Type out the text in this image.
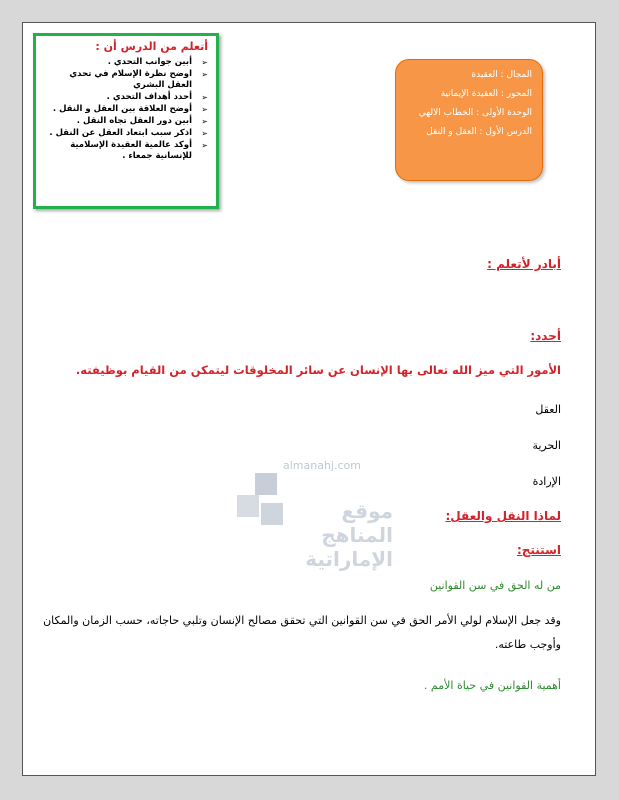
أتعلم من الدرس أن :

➢
أبين جوانب التحدي .
➢
اوضح نظرة الإسلام في تحدي العقل البشري
➢
أحدد أهداف التحدي .
➢
أوضح العلاقة بين العقل و النقل .
➢
أبين دور العقل تجاه النقل .
➢
اذكر سبب ابتعاد العقل عن النقل .
➢
أوكد عالمية العقيدة الإسلامية للإنسانية جمعاء .
المجال : العقيدة
المحور : العقيدة الإيمانية
الوحدة الأولى : الخطاب الالهي
الدرس الأول : العقل و النقل
أبادر لأتعلم :
أحدد:
الأمور التي ميز الله تعالى بها الإنسان عن سائر المخلوقات ليتمكن من القيام بوظيفته.
العقل
الحرية
الإرادة
لماذا النقل والعقل:
استنتج:
من له الحق في سن القوانين
وقد جعل الإسلام لولي الأمر الحق في سن القوانين التي تحقق مصالح الإنسان وتلبي حاجاته، حسب الزمان والمكان وأوجب طاعته.
أهمية القوانين في حياة الأمم .
almanahj.com
موقع المناهج الإماراتية
